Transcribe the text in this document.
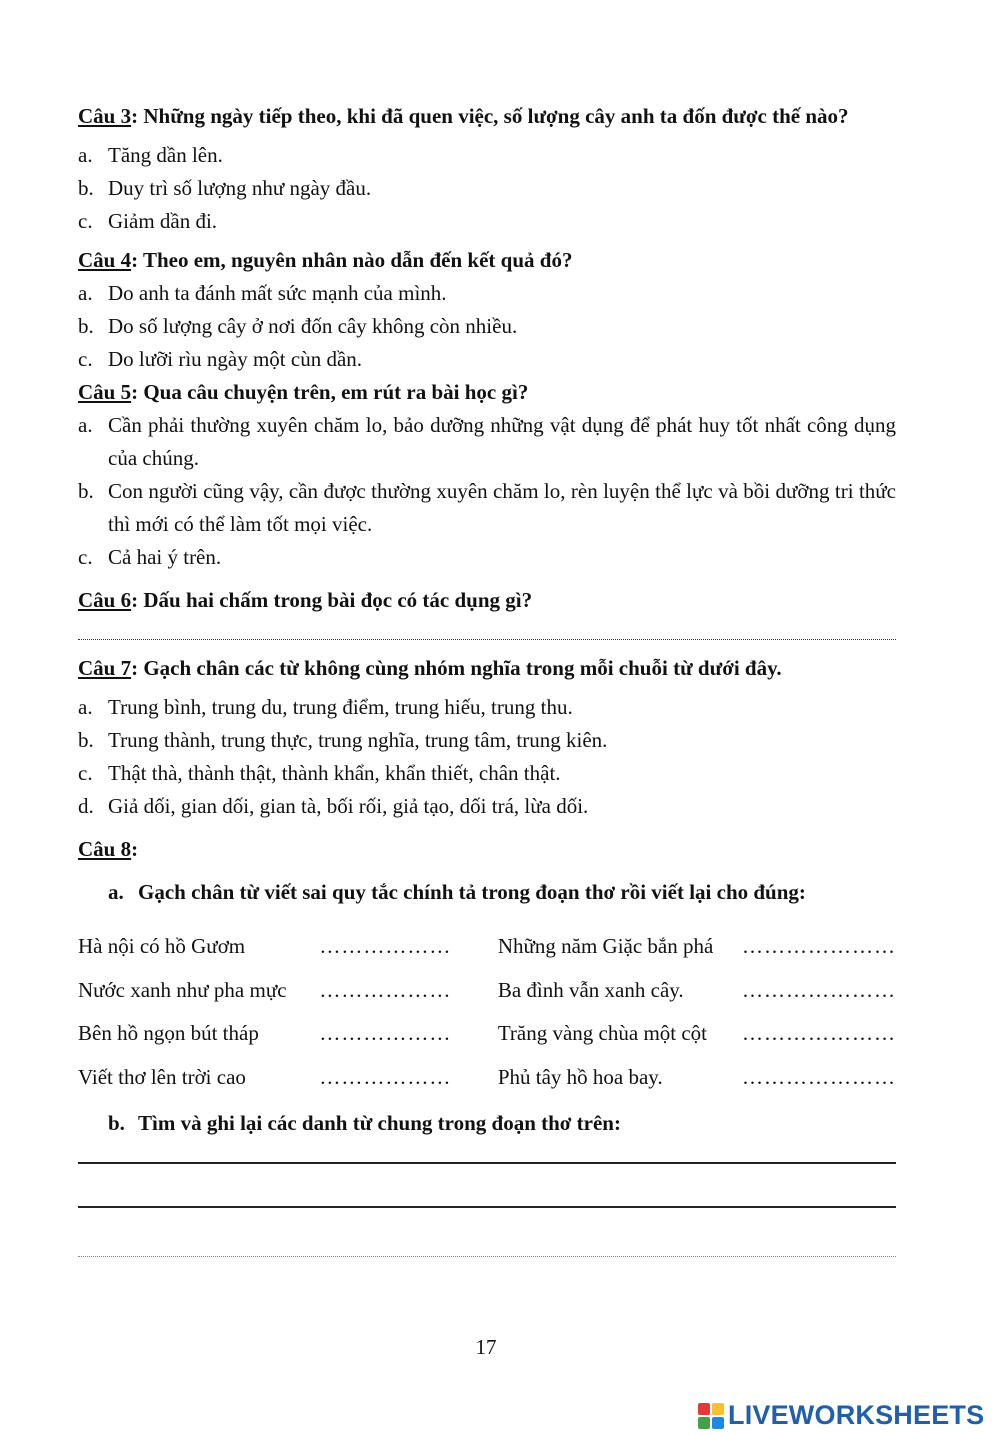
Câu 3: Những ngày tiếp theo, khi đã quen việc, số lượng cây anh ta đốn được thế nào?

a. Tăng dần lên.
b. Duy trì số lượng như ngày đầu.
c. Giảm dần đi.

Câu 4: Theo em, nguyên nhân nào dẫn đến kết quả đó?

a. Do anh ta đánh mất sức mạnh của mình.
b. Do số lượng cây ở nơi đốn cây không còn nhiều.
c. Do lưỡi rìu ngày một cùn dần.

Câu 5: Qua câu chuyện trên, em rút ra bài học gì?

a. Cần phải thường xuyên chăm lo, bảo dưỡng những vật dụng để phát huy tốt nhất công dụng của chúng.
b. Con người cũng vậy, cần được thường xuyên chăm lo, rèn luyện thể lực và bồi dưỡng tri thức thì mới có thể làm tốt mọi việc.
c. Cả hai ý trên.

Câu 6: Dấu hai chấm trong bài đọc có tác dụng gì?

Câu 7: Gạch chân các từ không cùng nhóm nghĩa trong mỗi chuỗi từ dưới đây.

a. Trung bình, trung du, trung điểm, trung hiếu, trung thu.
b. Trung thành, trung thực, trung nghĩa, trung tâm, trung kiên.
c. Thật thà, thành thật, thành khẩn, khẩn thiết, chân thật.
d. Giả dối, gian dối, gian tà, bối rối, giả tạo, dối trá, lừa dối.

Câu 8:

a. Gạch chân từ viết sai quy tắc chính tả trong đoạn thơ rồi viết lại cho đúng:
Hà nội có hồ Gươm	………………	Những năm Giặc bắn phá	…………………
Nước xanh như pha mực	………………	Ba đình vẫn xanh cây.	…………………
Bên hồ ngọn bút tháp	………………	Trăng vàng chùa một cột	…………………
Viết thơ lên trời cao	………………	Phủ tây hồ hoa bay.	…………………
b. Tìm và ghi lại các danh từ chung trong đoạn thơ trên:
17
LIVEWORKSHEETS
